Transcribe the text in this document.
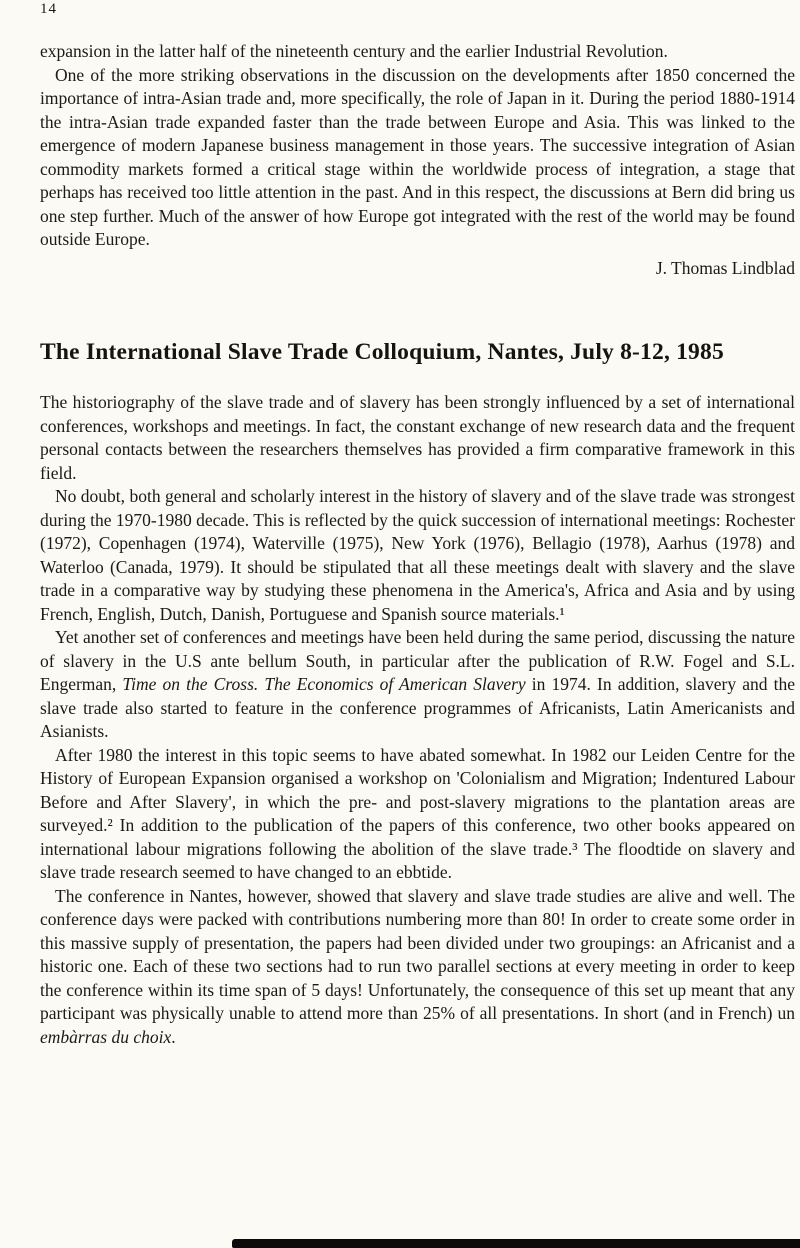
14

expansion in the latter half of the nineteenth century and the earlier Industrial Revolution.

One of the more striking observations in the discussion on the developments after 1850 concerned the importance of intra-Asian trade and, more specifically, the role of Japan in it. During the period 1880-1914 the intra-Asian trade expanded faster than the trade between Europe and Asia. This was linked to the emergence of modern Japanese business management in those years. The successive integration of Asian commodity markets formed a critical stage within the worldwide process of integration, a stage that perhaps has received too little attention in the past. And in this respect, the discussions at Bern did bring us one step further. Much of the answer of how Europe got integrated with the rest of the world may be found outside Europe.

J. Thomas Lindblad
The International Slave Trade Colloquium, Nantes, July 8-12, 1985

The historiography of the slave trade and of slavery has been strongly influenced by a set of international conferences, workshops and meetings. In fact, the constant exchange of new research data and the frequent personal contacts between the researchers themselves has provided a firm comparative framework in this field.

No doubt, both general and scholarly interest in the history of slavery and of the slave trade was strongest during the 1970-1980 decade. This is reflected by the quick succession of international meetings: Rochester (1972), Copenhagen (1974), Waterville (1975), New York (1976), Bellagio (1978), Aarhus (1978) and Waterloo (Canada, 1979). It should be stipulated that all these meetings dealt with slavery and the slave trade in a comparative way by studying these phenomena in the America's, Africa and Asia and by using French, English, Dutch, Danish, Portuguese and Spanish source materials.¹

Yet another set of conferences and meetings have been held during the same period, discussing the nature of slavery in the U.S ante bellum South, in particular after the publication of R.W. Fogel and S.L. Engerman, Time on the Cross. The Economics of American Slavery in 1974. In addition, slavery and the slave trade also started to feature in the conference programmes of Africanists, Latin Americanists and Asianists.

After 1980 the interest in this topic seems to have abated somewhat. In 1982 our Leiden Centre for the History of European Expansion organised a workshop on 'Colonialism and Migration; Indentured Labour Before and After Slavery', in which the pre- and post-slavery migrations to the plantation areas are surveyed.² In addition to the publication of the papers of this conference, two other books appeared on international labour migrations following the abolition of the slave trade.³ The floodtide on slavery and slave trade research seemed to have changed to an ebbtide.

The conference in Nantes, however, showed that slavery and slave trade studies are alive and well. The conference days were packed with contributions numbering more than 80! In order to create some order in this massive supply of presentation, the papers had been divided under two groupings: an Africanist and a historic one. Each of these two sections had to run two parallel sections at every meeting in order to keep the conference within its time span of 5 days! Unfortunately, the consequence of this set up meant that any participant was physically unable to attend more than 25% of all presentations. In short (and in French) un embàrras du choix.
